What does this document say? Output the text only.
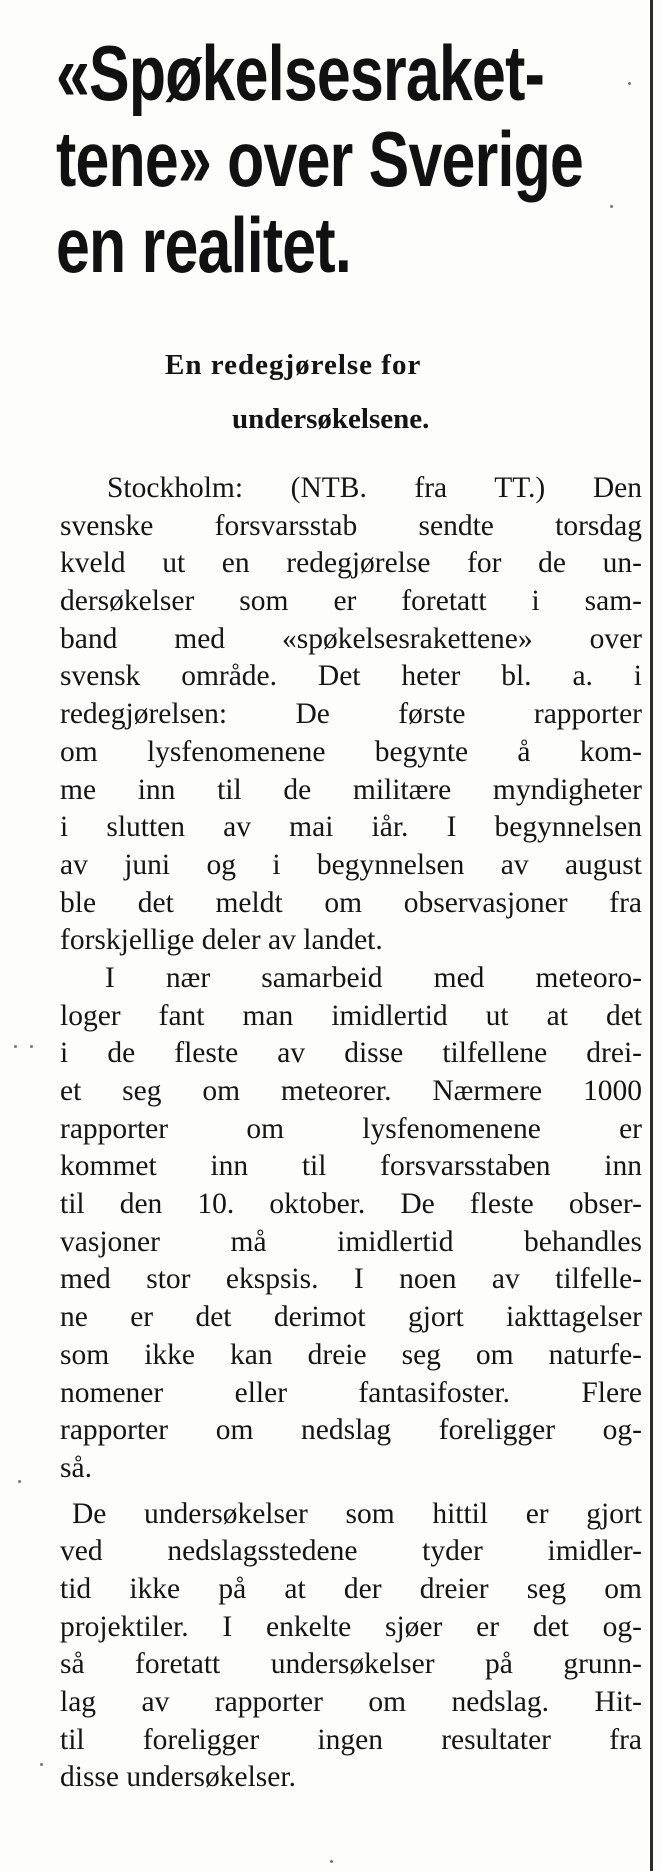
«Spøkelsesraket-
tene» over Sverige
en realitet.
En redegjørelse for
undersøkelsene.

Stockholm: (NTB. fra TT.) Den
svenske forsvarsstab sendte torsdag
kveld ut en redegjørelse for de un-
dersøkelser som er foretatt i sam-
band med «spøkelsesrakettene» over
svensk område. Det heter bl. a. i
redegjørelsen: De første rapporter
om lysfenomenene begynte å kom-
me inn til de militære myndigheter
i slutten av mai iår. I begynnelsen
av juni og i begynnelsen av august
ble det meldt om observasjoner fra
forskjellige deler av landet.

I nær samarbeid med meteoro-
loger fant man imidlertid ut at det
i de fleste av disse tilfellene drei-
et seg om meteorer. Nærmere 1000
rapporter om lysfenomenene er
kommet inn til forsvarsstaben inn
til den 10. oktober. De fleste obser-
vasjoner må imidlertid behandles
med stor ekspsis. I noen av tilfelle-
ne er det derimot gjort iakttagelser
som ikke kan dreie seg om naturfe-
nomener eller fantasifoster. Flere
rapporter om nedslag foreligger og-
så.

De undersøkelser som hittil er gjort
ved nedslagsstedene tyder imidler-
tid ikke på at der dreier seg om
projektiler. I enkelte sjøer er det og-
så foretatt undersøkelser på grunn-
lag av rapporter om nedslag. Hit-
til foreligger ingen resultater fra
disse undersøkelser.
